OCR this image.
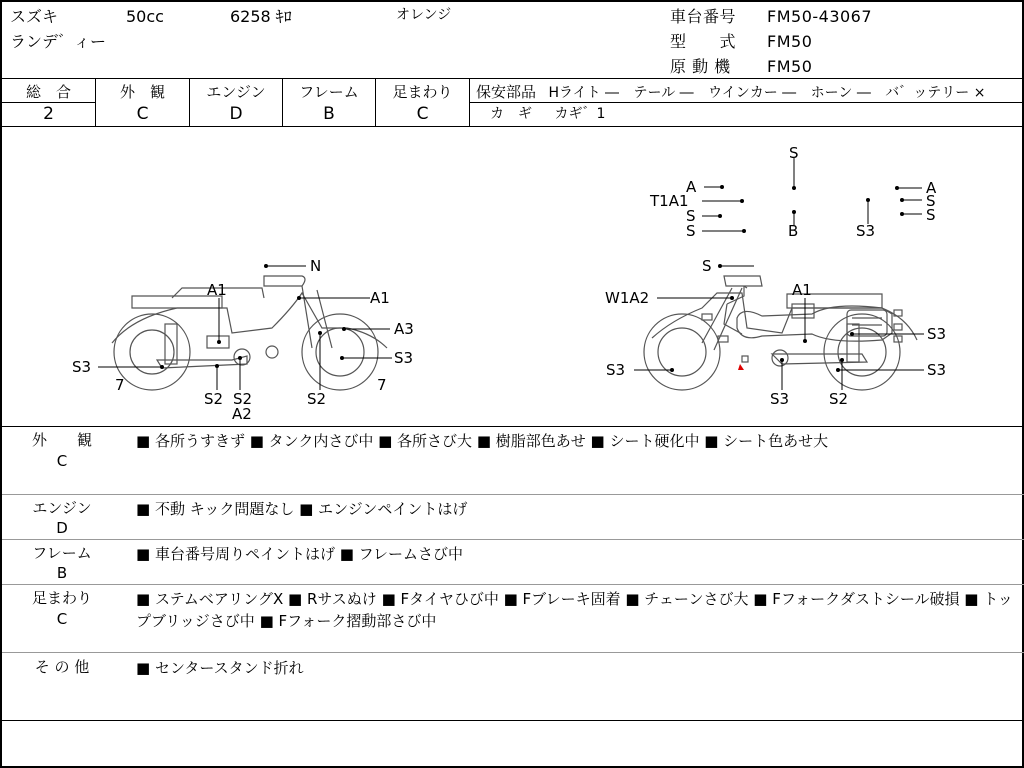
スズキ	50cc	6258 ｷﾛ	オレンジ
ランデ゛ィー
車台番号 FM50-43067
型　　式 FM50
原 動 機 FM50
総　合
2
外　観
C
エンジン
D
フレーム
B
足まわり
C
保安部品 Hライト ― テール ― ウインカー ― ホーン ― バ゛ッテリー ×
カ　ギ カギ゛1
S
A
T1A1
S
S	B
A
S
S
S3
N
A1	A1
A3
S3
S3
7	7
S2 S2
A2
S2
S
W1A2	A1
S3
S3
S3
S3	S2
外　　観
C
■ 各所うすきず ■ タンク内さび中 ■ 各所さび大 ■ 樹脂部色あせ ■ シート硬化中 ■ シート色あせ大
エンジン
D
■ 不動 キック問題なし ■ エンジンペイントはげ
フレーム
B
■ 車台番号周りペイントはげ ■ フレームさび中
足まわり
C
■ ステムベアリングX ■ Rサスぬけ ■ Fタイヤひび中 ■ Fブレーキ固着 ■ チェーンさび大 ■ Fフォークダストシール破損 ■ トップブリッジさび中 ■ Fフォーク摺動部さび中
そ の 他	■ センタースタンド折れ
